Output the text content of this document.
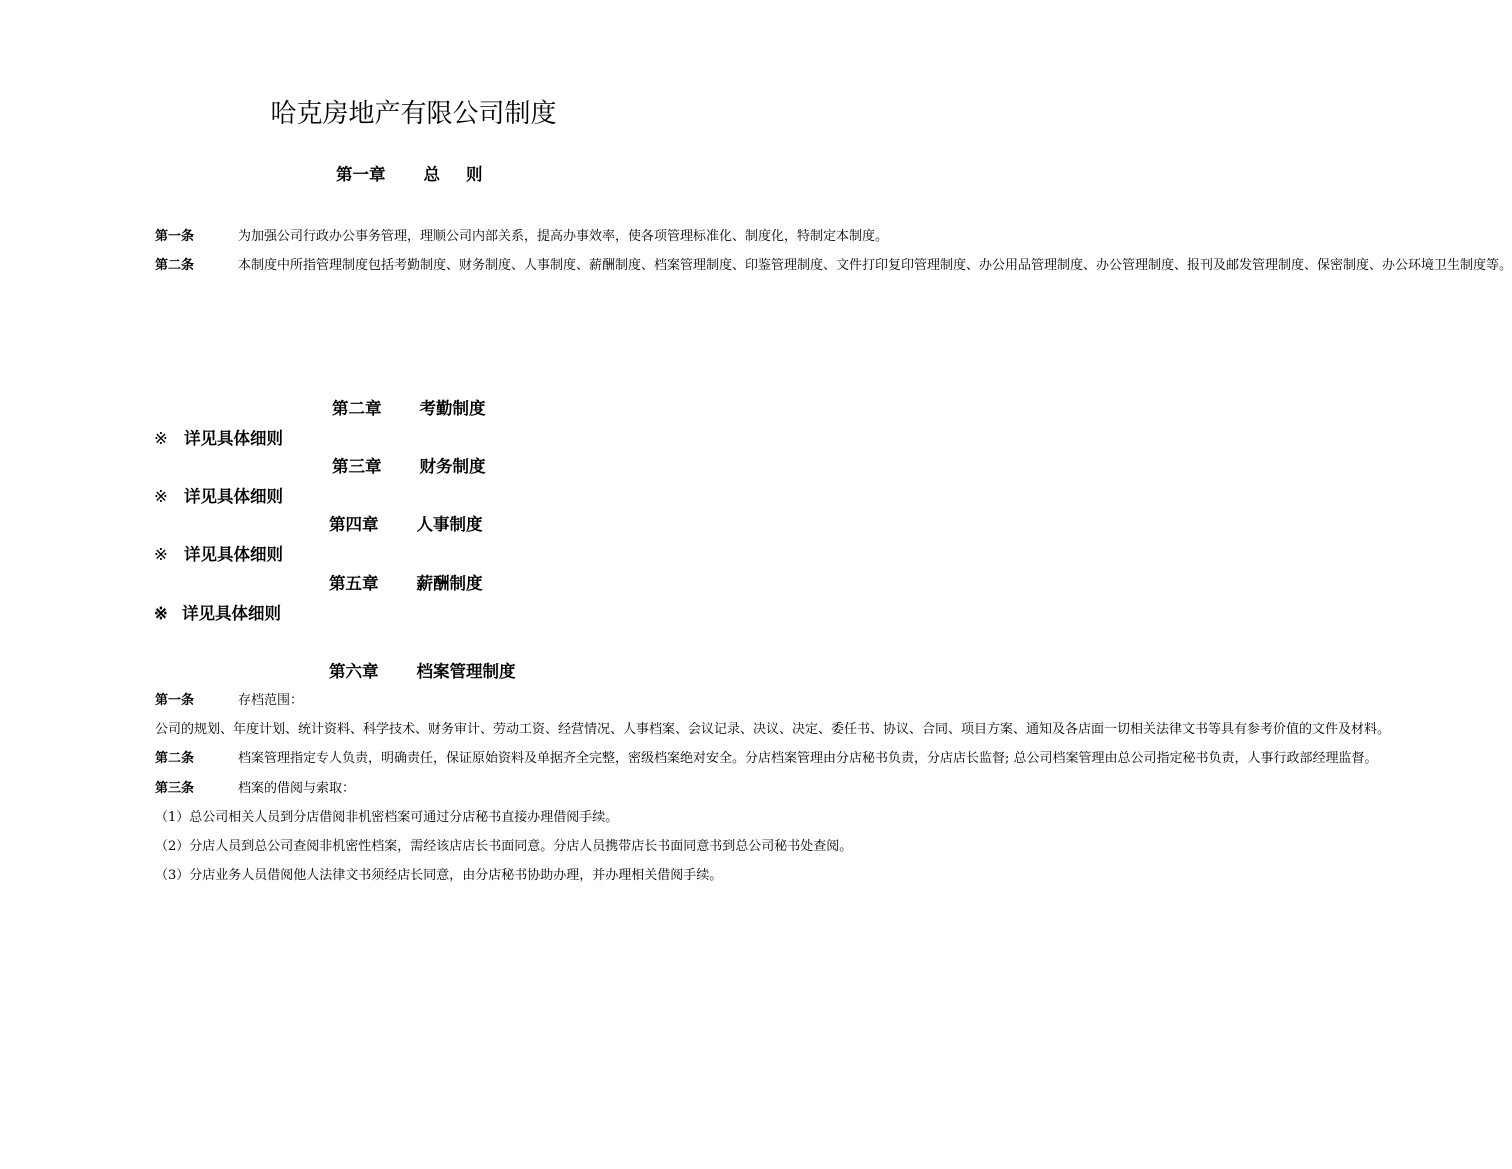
哈克房地产有限公司制度
第一章 总 则

第一条	为加强公司行政办公事务管理，理顺公司内部关系，提高办事效率，使各项管理标准化、制度化，特制定本制度。

第二条	本制度中所指管理制度包括考勤制度、财务制度、人事制度、薪酬制度、档案管理制度、印鉴管理制度、文件打印复印管理制度、办公用品管理制度、办公管理制度、报刊及邮发管理制度、保密制度、办公环境卫生制度等。

第二章 考勤制度
※ 详见具体细则
第三章 财务制度
※ 详见具体细则
第四章 人事制度
※ 详见具体细则
第五章 薪酬制度
※ 详见具体细则
第六章 档案管理制度

第一条	存档范围：

公司的规划、年度计划、统计资料、科学技术、财务审计、劳动工资、经营情况、人事档案、会议记录、决议、决定、委任书、协议、合同、项目方案、通知及各店面一切相关法律文书等具有参考价值的文件及材料。

第二条	档案管理指定专人负责，明确责任，保证原始资料及单据齐全完整，密级档案绝对安全。分店档案管理由分店秘书负责，分店店长监督; 总公司档案管理由总公司指定秘书负责，人事行政部经理监督。

第三条	档案的借阅与索取：

（1）总公司相关人员到分店借阅非机密档案可通过分店秘书直接办理借阅手续。

（2）分店人员到总公司查阅非机密性档案，需经该店店长书面同意。分店人员携带店长书面同意书到总公司秘书处查阅。

（3）分店业务人员借阅他人法律文书须经店长同意，由分店秘书协助办理，并办理相关借阅手续。
